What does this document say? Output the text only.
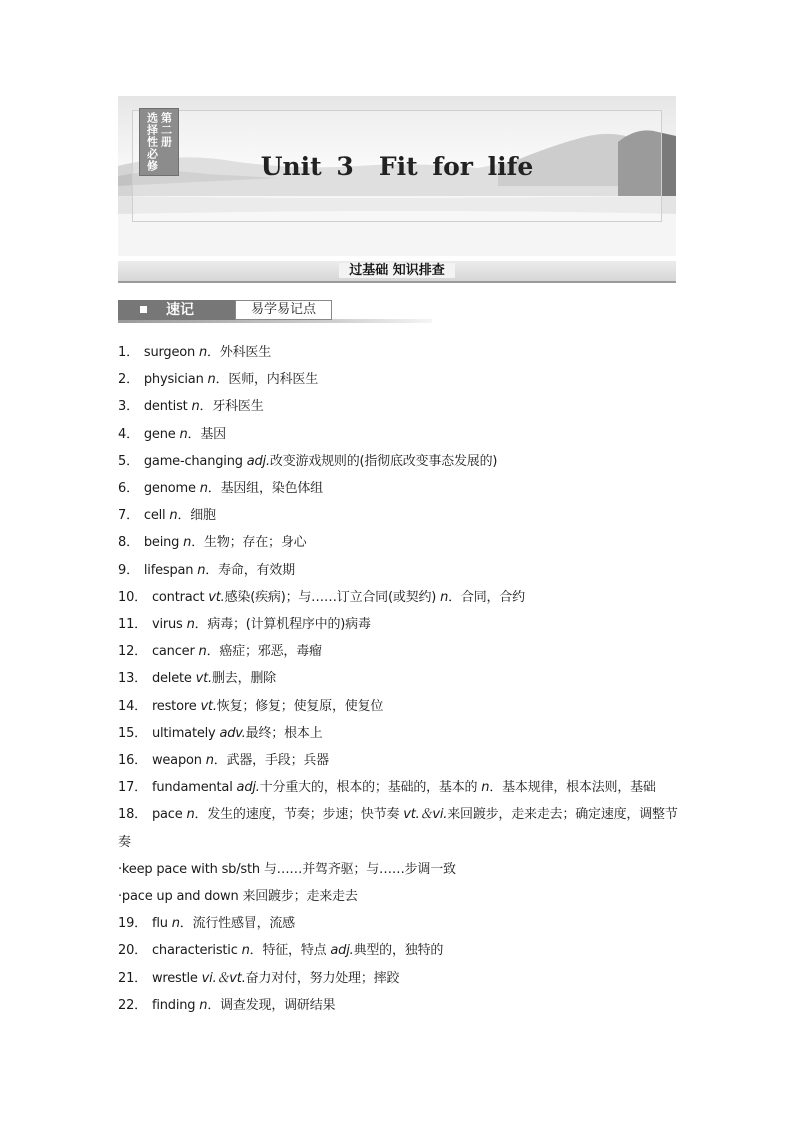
第二册
选择性必修	Unit 3　Fit for life
过基础 知识排查
速记	易学易记点
1． surgeon n．外科医生
2． physician n．医师，内科医生
3． dentist n．牙科医生
4． gene n．基因
5． game-changing adj.改变游戏规则的(指彻底改变事态发展的)
6． genome n．基因组，染色体组
7． cell n．细胞
8． being n．生物；存在；身心
9． lifespan n．寿命，有效期
10． contract vt.感染(疾病)；与……订立合同(或契约) n．合同，合约
11． virus n．病毒；(计算机程序中的)病毒
12． cancer n．癌症；邪恶，毒瘤
13． delete vt.删去，删除
14． restore vt.恢复；修复；使复原，使复位
15． ultimately adv.最终；根本上
16． weapon n．武器，手段；兵器
17． fundamental adj.十分重大的，根本的；基础的，基本的 n．基本规律，根本法则，基础
18． pace n．发生的速度，节奏；步速；快节奏 vt.＆vi.来回踱步，走来走去；确定速度，调整节奏
·keep pace with sb/sth 与……并驾齐驱；与……步调一致
·pace up and down 来回踱步；走来走去
19． flu n．流行性感冒，流感
20． characteristic n．特征，特点 adj.典型的，独特的
21． wrestle vi.＆vt.奋力对付，努力处理；摔跤
22． finding n．调查发现，调研结果
